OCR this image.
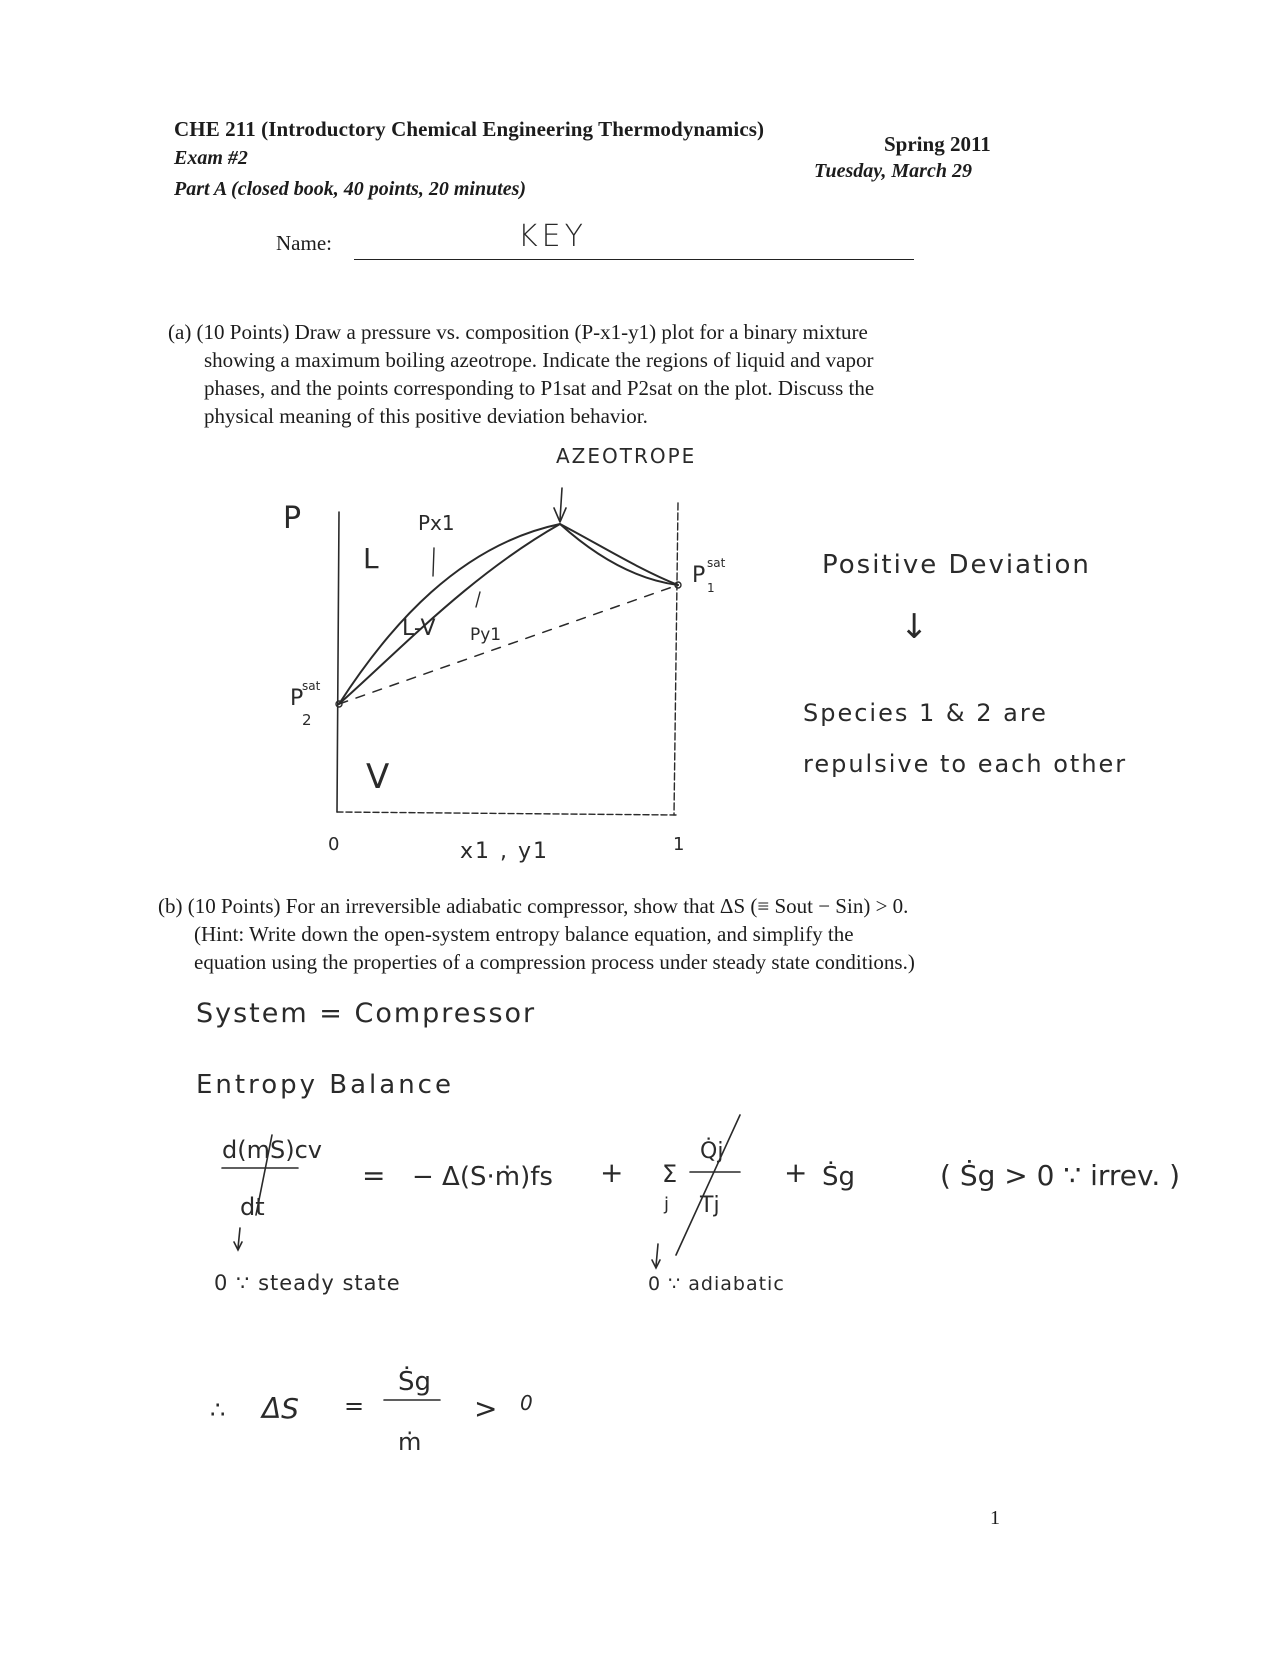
CHE 211 (Introductory Chemical Engineering Thermodynamics)
Spring 2011
Exam #2
Tuesday, March 29
Part A (closed book, 40 points, 20 minutes)
Name:	KEY
(a) (10 Points) Draw a pressure vs. composition (P-x1-y1) plot for a binary mixture
showing a maximum boiling azeotrope. Indicate the regions of liquid and vapor
phases, and the points corresponding to P1sat and P2sat on the plot. Discuss the
physical meaning of this positive deviation behavior.
AZEOTROPE
P
L
L-V
V
Px1
Py1
P sat
1
P
sat
2
0	1
x1 , y1
Positive Deviation
↓
Species 1 & 2 are
repulsive to each other
(b) (10 Points) For an irreversible adiabatic compressor, show that ΔS (≡ Sout − Sin) > 0.
(Hint: Write down the open-system entropy balance equation, and simplify the
equation using the properties of a compression process under steady state conditions.)
System = Compressor
Entropy Balance
d(mS)cv
dt
= − Δ(S·ṁ)fs + Σ
j
Q̇j
Tj
+ Ṡg	( Ṡg > 0 ∵ irrev. )
0 ∵ steady state	0 ∵ adiabatic
∴ ΔS =
Ṡg
ṁ
> 0
1
